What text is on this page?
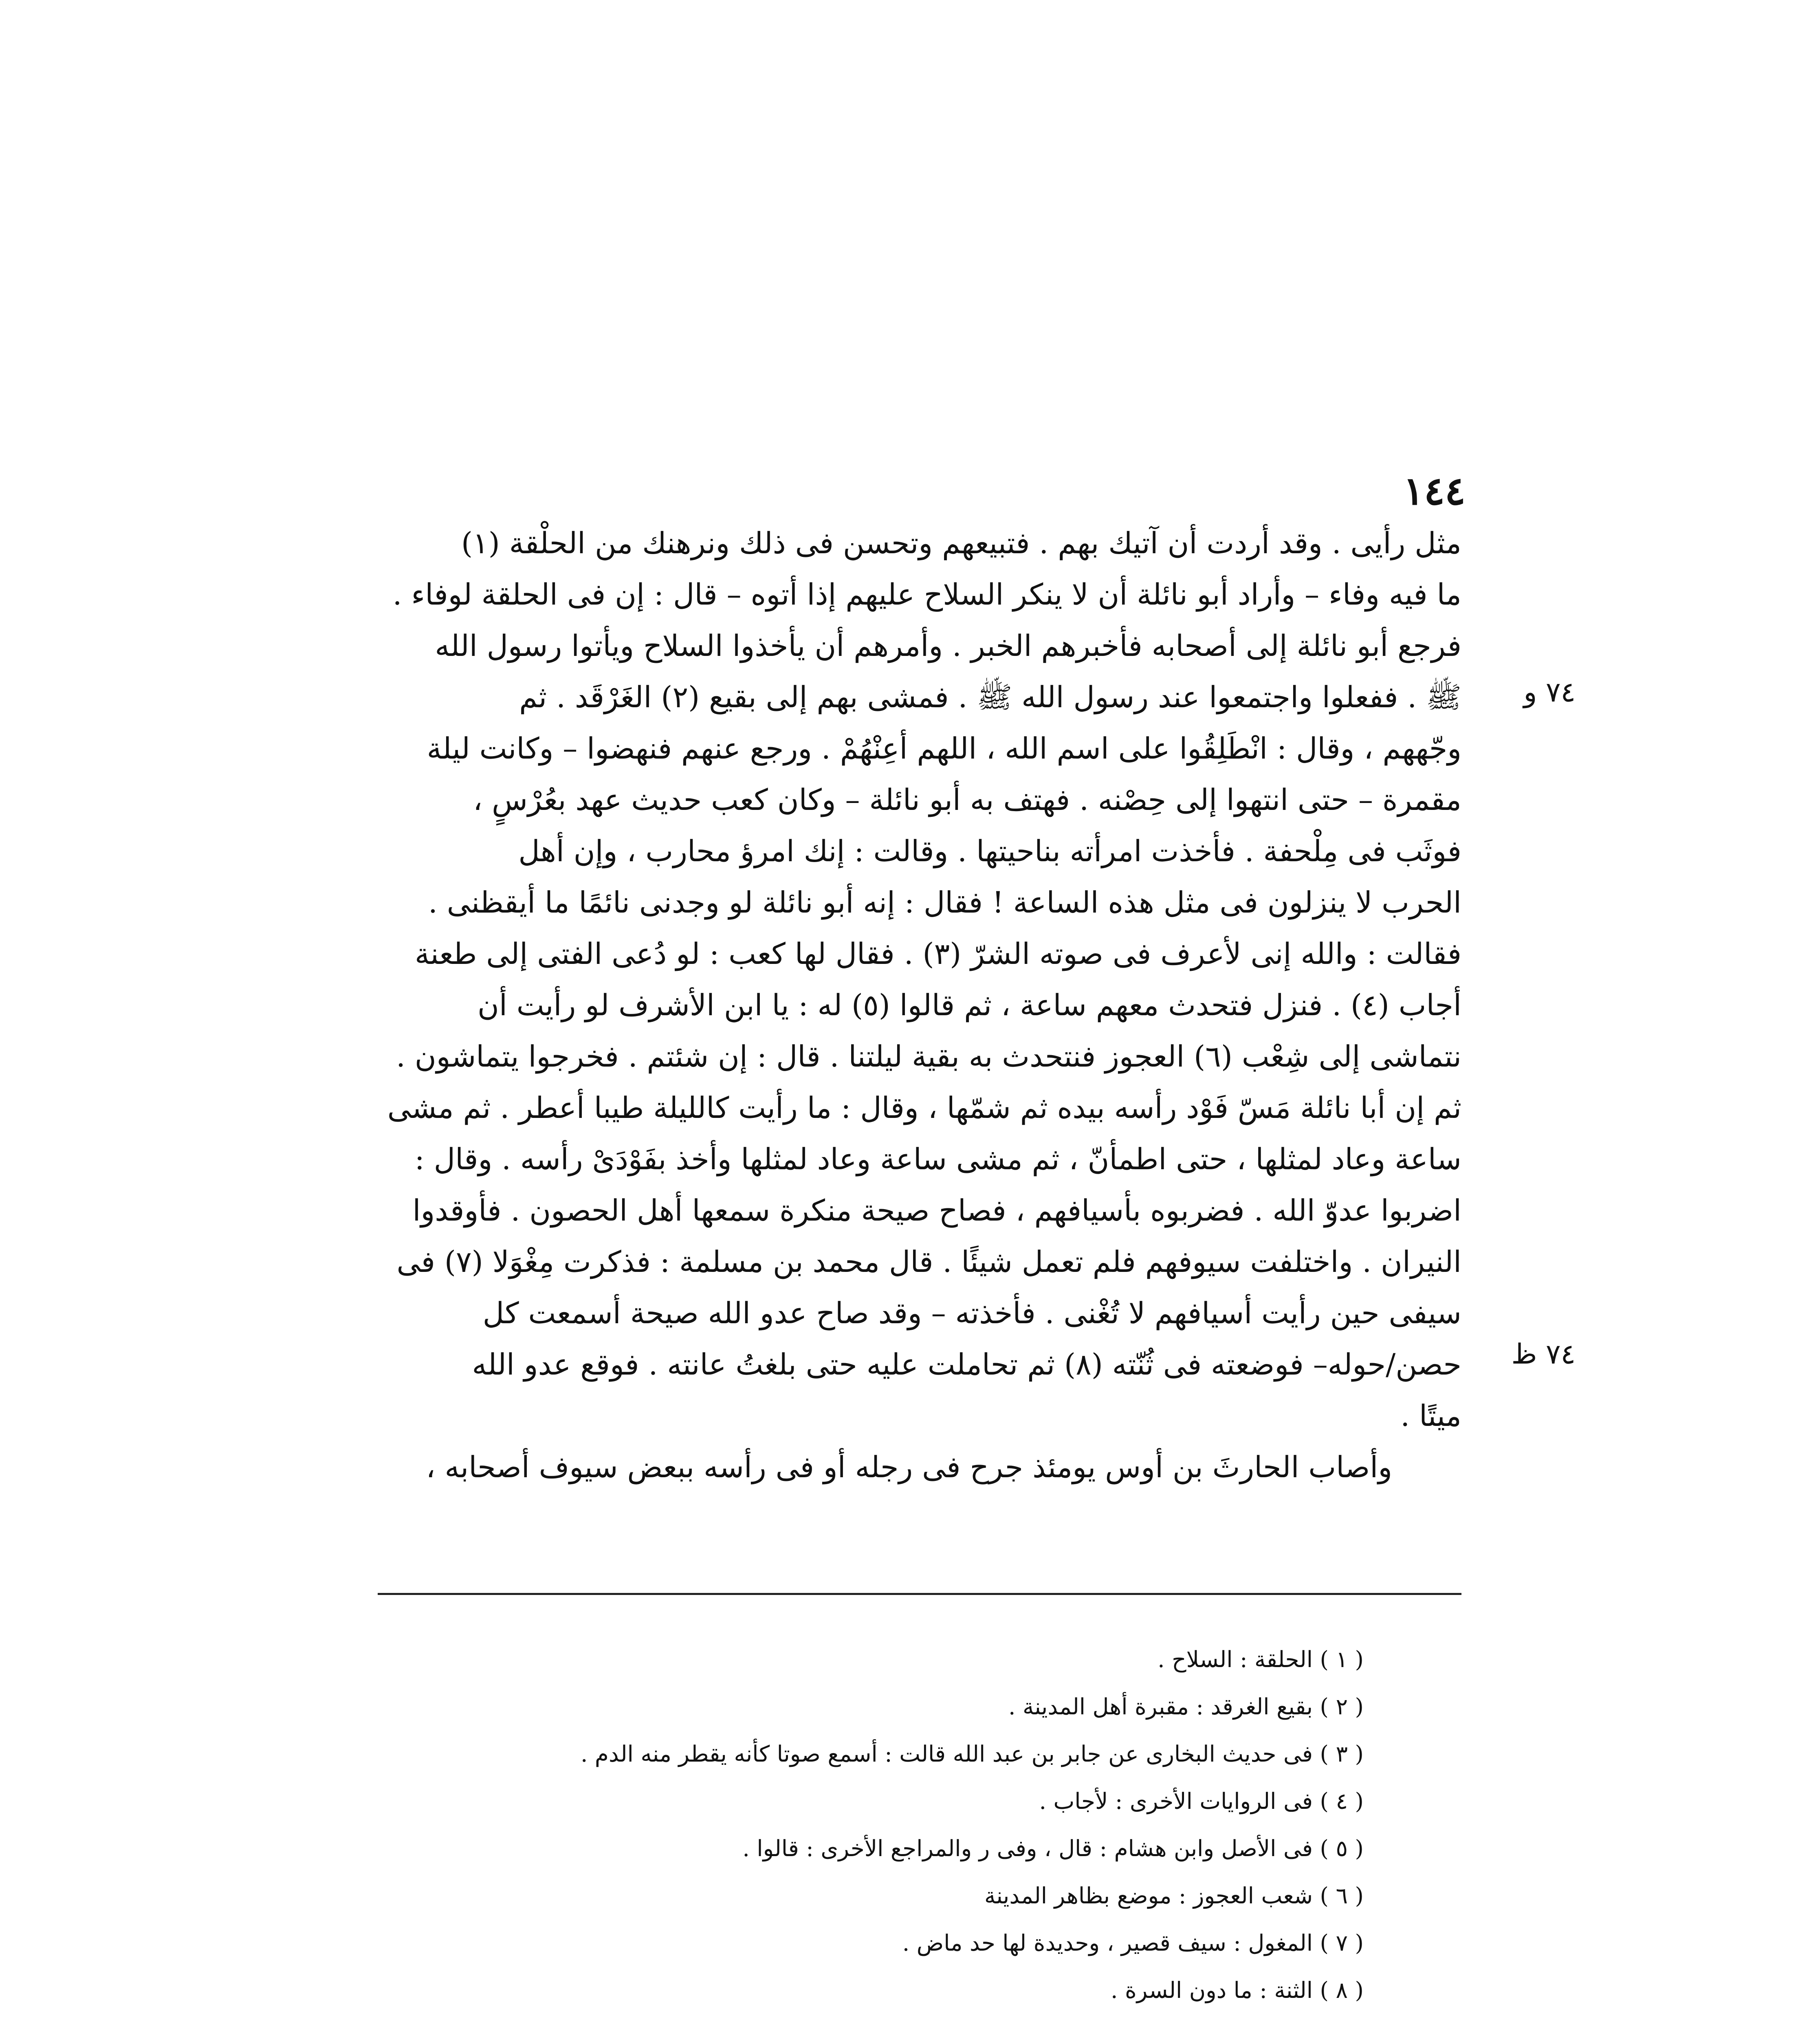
١٤٤
٧٤ و
٧٤ ظ
مثل رأيى . وقد أردت أن آتيك بهم . فتبيعهم وتحسن فى ذلك ونرهنك من الحلْقة (١)
ما فيه وفاء – وأراد أبو نائلة أن لا ينكر السلاح عليهم إذا أتوه – قال : إن فى الحلقة لوفاء .
فرجع أبو نائلة إلى أصحابه فأخبرهم الخبر . وأمرهم أن يأخذوا السلاح ويأتوا رسول الله
ﷺ . ففعلوا واجتمعوا عند رسول الله ﷺ . فمشى بهم إلى بقيع (٢) الغَرْقَد . ثم
وجّههم ، وقال : انْطَلِقُوا على اسم الله ، اللهم أعِنْهُمْ . ورجع عنهم فنهضوا – وكانت ليلة
مقمرة – حتى انتهوا إلى حِصْنه . فهتف به أبو نائلة – وكان كعب حديث عهد بعُرْسٍ ،
فوثَب فى مِلْحفة . فأخذت امرأته بناحيتها . وقالت : إنك امرؤ محارب ، وإن أهل
الحرب لا ينزلون فى مثل هذه الساعة ! فقال : إنه أبو نائلة لو وجدنى نائمًا ما أيقظنى .
فقالت : والله إنى لأعرف فى صوته الشرّ (٣) . فقال لها كعب : لو دُعى الفتى إلى طعنة
أجاب (٤) . فنزل فتحدث معهم ساعة ، ثم قالوا (٥) له : يا ابن الأشرف لو رأيت أن
نتماشى إلى شِعْب (٦) العجوز فنتحدث به بقية ليلتنا . قال : إن شئتم . فخرجوا يتماشون .
ثم إن أبا نائلة مَسّ فَوْد رأسه بيده ثم شمّها ، وقال : ما رأيت كالليلة طيبا أعطر . ثم مشى
ساعة وعاد لمثلها ، حتى اطمأنّ ، ثم مشى ساعة وعاد لمثلها وأخذ بفَوْدَىْ رأسه . وقال :
اضربوا عدوّ الله . فضربوه بأسيافهم ، فصاح صيحة منكرة سمعها أهل الحصون . فأوقدوا
النيران . واختلفت سيوفهم فلم تعمل شيئًا . قال محمد بن مسلمة : فذكرت مِغْوَلا (٧) فى
سيفى حين رأيت أسيافهم لا تُغْنى . فأخذته – وقد صاح عدو الله صيحة أسمعت كل
حصن/حوله– فوضعته فى ثُنّته (٨) ثم تحاملت عليه حتى بلغتُ عانته . فوقع عدو الله
ميتًا .
وأصاب الحارثَ بن أوس يومئذ جرح فى رجله أو فى رأسه ببعض سيوف أصحابه ،
( ١ ) الحلقة : السلاح .
( ٢ ) بقيع الغرقد : مقبرة أهل المدينة .
( ٣ ) فى حديث البخارى عن جابر بن عبد الله قالت : أسمع صوتا كأنه يقطر منه الدم .
( ٤ ) فى الروايات الأخرى : لأجاب .
( ٥ ) فى الأصل وابن هشام : قال ، وفى ر والمراجع الأخرى : قالوا .
( ٦ ) شعب العجوز : موضع بظاهر المدينة
( ٧ ) المغول : سيف قصير ، وحديدة لها حد ماض .
( ٨ ) الثنة : ما دون السرة .
